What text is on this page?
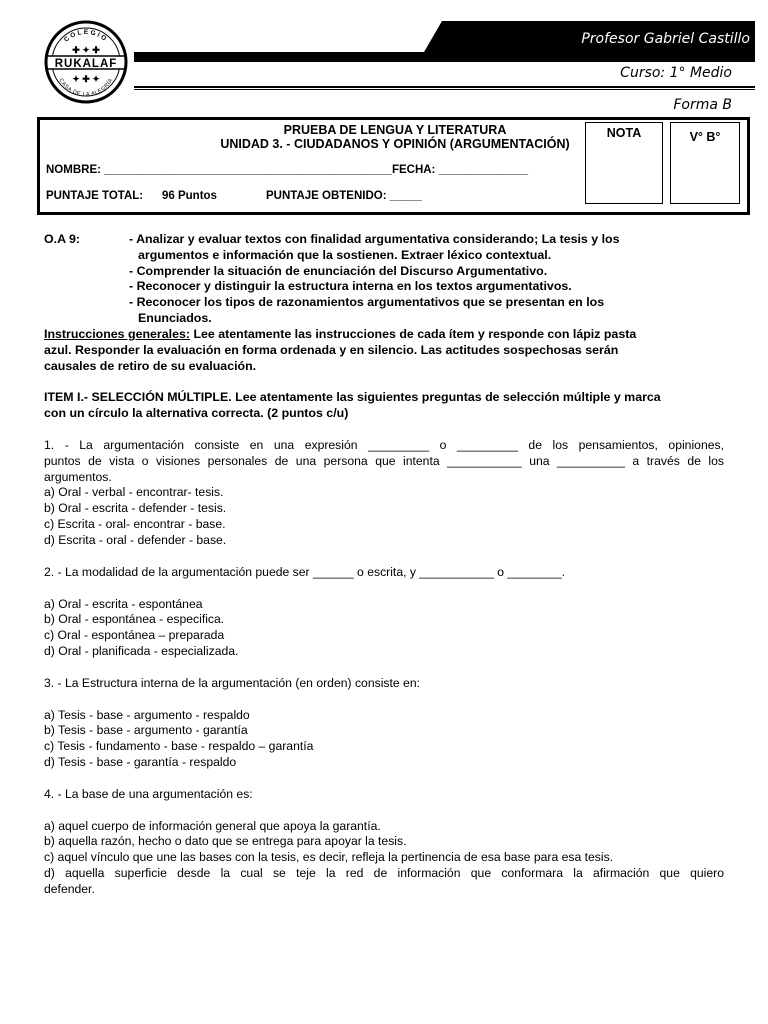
COLEGIO
CASA DE LA ALEGRÍA
✚ ✦ ✚
RUKALAF
✦ ✚ ✦
Profesor Gabriel Castillo
Curso: 1° Medio
Forma B
PRUEBA DE LENGUA Y LITERATURA
UNIDAD 3. - CIUDADANOS Y OPINIÓN (ARGUMENTACIÓN)
NOMBRE: _____________________________________________FECHA: ______________
PUNTAJE TOTAL: 96 Puntos	PUNTAJE OBTENIDO: _____
NOTA	V° B°
O.A 9:	- Analizar y evaluar textos con finalidad argumentativa considerando; La tesis y los
argumentos e información que la sostienen. Extraer léxico contextual.
- Comprender la situación de enunciación del Discurso Argumentativo.
- Reconocer y distinguir la estructura interna en los textos argumentativos.
- Reconocer los tipos de razonamientos argumentativos que se presentan en los
Enunciados.
Instrucciones generales: Lee atentamente las instrucciones de cada ítem y responde con lápiz pasta
azul. Responder la evaluación en forma ordenada y en silencio. Las actitudes sospechosas serán
causales de retiro de su evaluación.
ITEM I.- SELECCIÓN MÚLTIPLE. Lee atentamente las siguientes preguntas de selección múltiple y marca
con un círculo la alternativa correcta. (2 puntos c/u)
1. - La argumentación consiste en una expresión _________ o _________ de los pensamientos, opiniones,
puntos de vista o visiones personales de una persona que intenta ___________ una __________ a través de los
argumentos.
a) Oral - verbal - encontrar- tesis.
b) Oral - escrita - defender - tesis.
c) Escrita - oral- encontrar - base.
d) Escrita - oral - defender - base.
2. - La modalidad de la argumentación puede ser ______ o escrita, y ___________ o ________.
a) Oral - escrita - espontánea
b) Oral - espontánea - especifica.
c) Oral - espontánea – preparada
d) Oral - planificada - especializada.
3. - La Estructura interna de la argumentación (en orden) consiste en:
a) Tesis - base - argumento - respaldo
b) Tesis - base - argumento - garantía
c) Tesis - fundamento - base - respaldo – garantía
d) Tesis - base - garantía - respaldo
4. - La base de una argumentación es:
a) aquel cuerpo de información general que apoya la garantía.
b) aquella razón, hecho o dato que se entrega para apoyar la tesis.
c) aquel vínculo que une las bases con la tesis, es decir, refleja la pertinencia de esa base para esa tesis.
d) aquella superficie desde la cual se teje la red de información que conformara la afirmación que quiero
defender.
